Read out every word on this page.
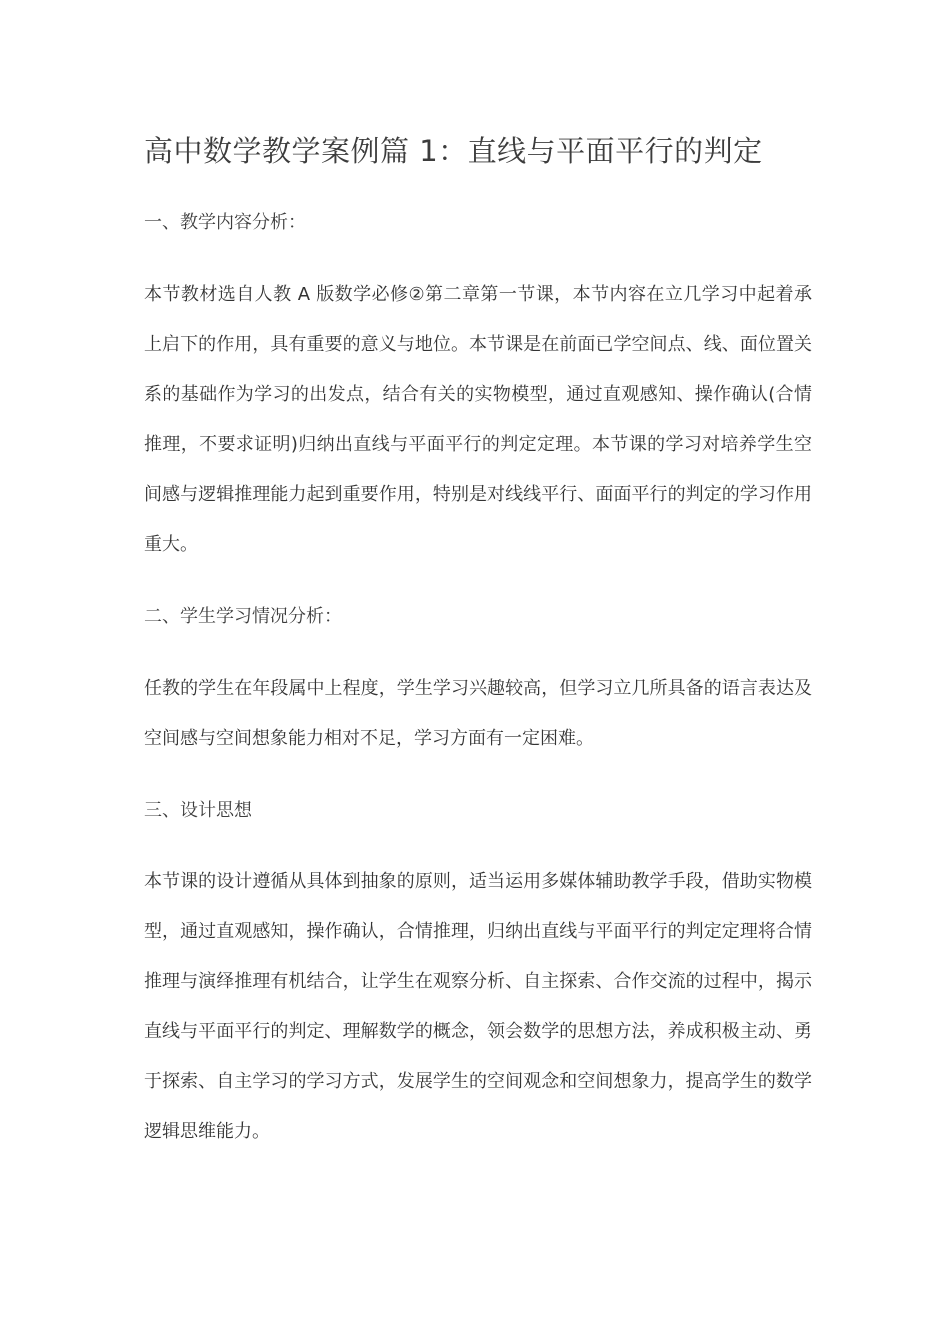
高中数学教学案例篇 1：直线与平面平行的判定
一、教学内容分析：
本节教材选自人教 A 版数学必修②第二章第一节课，本节内容在立几学习中起着承上启下的作用，具有重要的意义与地位。本节课是在前面已学空间点、线、面位置关系的基础作为学习的出发点，结合有关的实物模型，通过直观感知、操作确认(合情推理，不要求证明)归纳出直线与平面平行的判定定理。本节课的学习对培养学生空间感与逻辑推理能力起到重要作用，特别是对线线平行、面面平行的判定的学习作用重大。
二、学生学习情况分析：
任教的学生在年段属中上程度，学生学习兴趣较高，但学习立几所具备的语言表达及空间感与空间想象能力相对不足，学习方面有一定困难。
三、设计思想
本节课的设计遵循从具体到抽象的原则，适当运用多媒体辅助教学手段，借助实物模型，通过直观感知，操作确认，合情推理，归纳出直线与平面平行的判定定理将合情推理与演绎推理有机结合，让学生在观察分析、自主探索、合作交流的过程中，揭示直线与平面平行的判定、理解数学的概念，领会数学的思想方法，养成积极主动、勇于探索、自主学习的学习方式，发展学生的空间观念和空间想象力，提高学生的数学逻辑思维能力。
